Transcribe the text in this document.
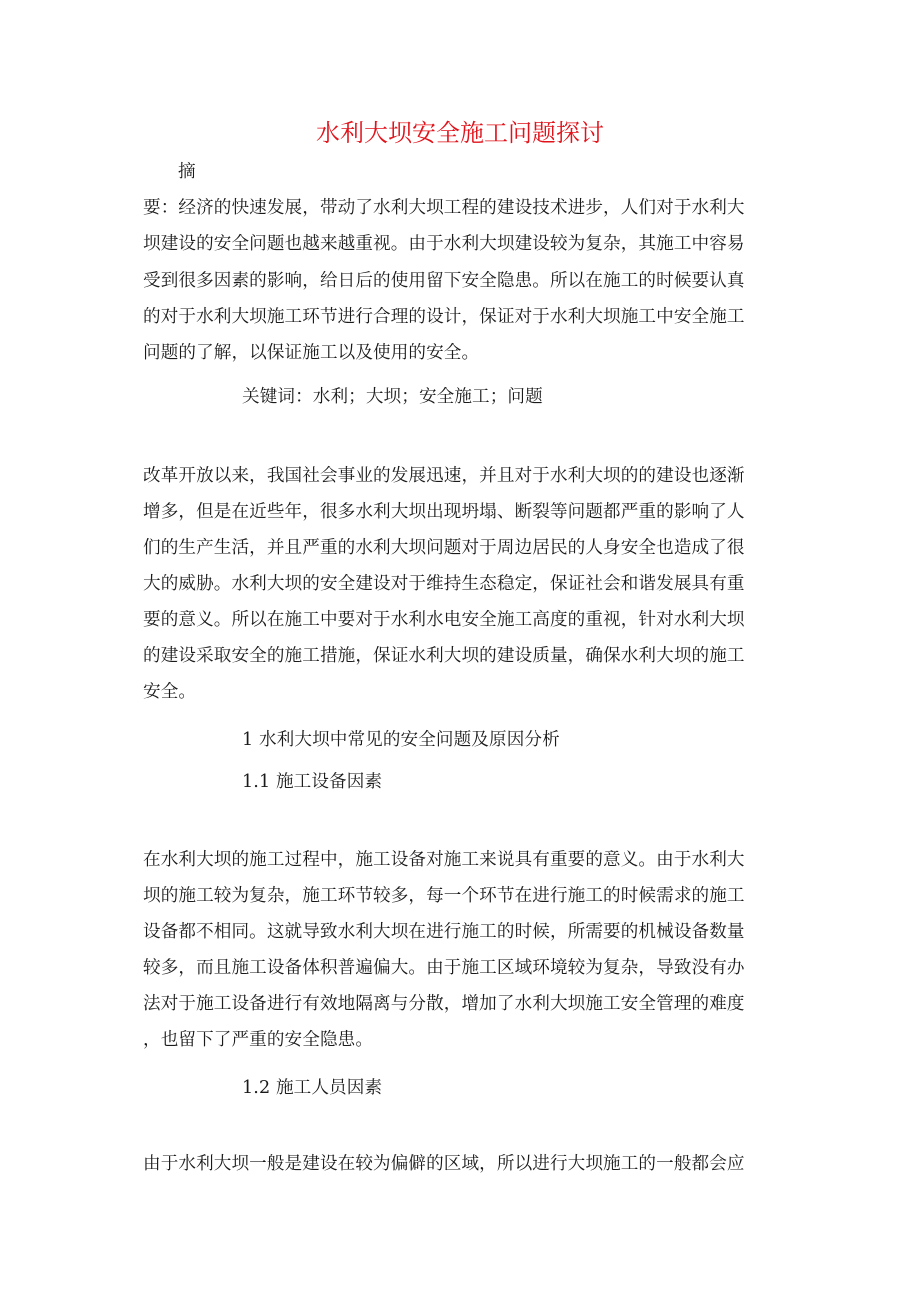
水利大坝安全施工问题探讨
摘
要：经济的快速发展，带动了水利大坝工程的建设技术进步，人们对于水利大
坝建设的安全问题也越来越重视。由于水利大坝建设较为复杂，其施工中容易
受到很多因素的影响，给日后的使用留下安全隐患。所以在施工的时候要认真
的对于水利大坝施工环节进行合理的设计，保证对于水利大坝施工中安全施工
问题的了解，以保证施工以及使用的安全。
关键词：水利；大坝；安全施工；问题
改革开放以来，我国社会事业的发展迅速，并且对于水利大坝的的建设也逐渐
增多，但是在近些年，很多水利大坝出现坍塌、断裂等问题都严重的影响了人
们的生产生活，并且严重的水利大坝问题对于周边居民的人身安全也造成了很
大的威胁。水利大坝的安全建设对于维持生态稳定，保证社会和谐发展具有重
要的意义。所以在施工中要对于水利水电安全施工高度的重视，针对水利大坝
的建设采取安全的施工措施，保证水利大坝的建设质量，确保水利大坝的施工
安全。
1 水利大坝中常见的安全问题及原因分析
1.1 施工设备因素
在水利大坝的施工过程中，施工设备对施工来说具有重要的意义。由于水利大
坝的施工较为复杂，施工环节较多，每一个环节在进行施工的时候需求的施工
设备都不相同。这就导致水利大坝在进行施工的时候，所需要的机械设备数量
较多，而且施工设备体积普遍偏大。由于施工区域环境较为复杂，导致没有办
法对于施工设备进行有效地隔离与分散，增加了水利大坝施工安全管理的难度
，也留下了严重的安全隐患。
1.2 施工人员因素
由于水利大坝一般是建设在较为偏僻的区域，所以进行大坝施工的一般都会应
